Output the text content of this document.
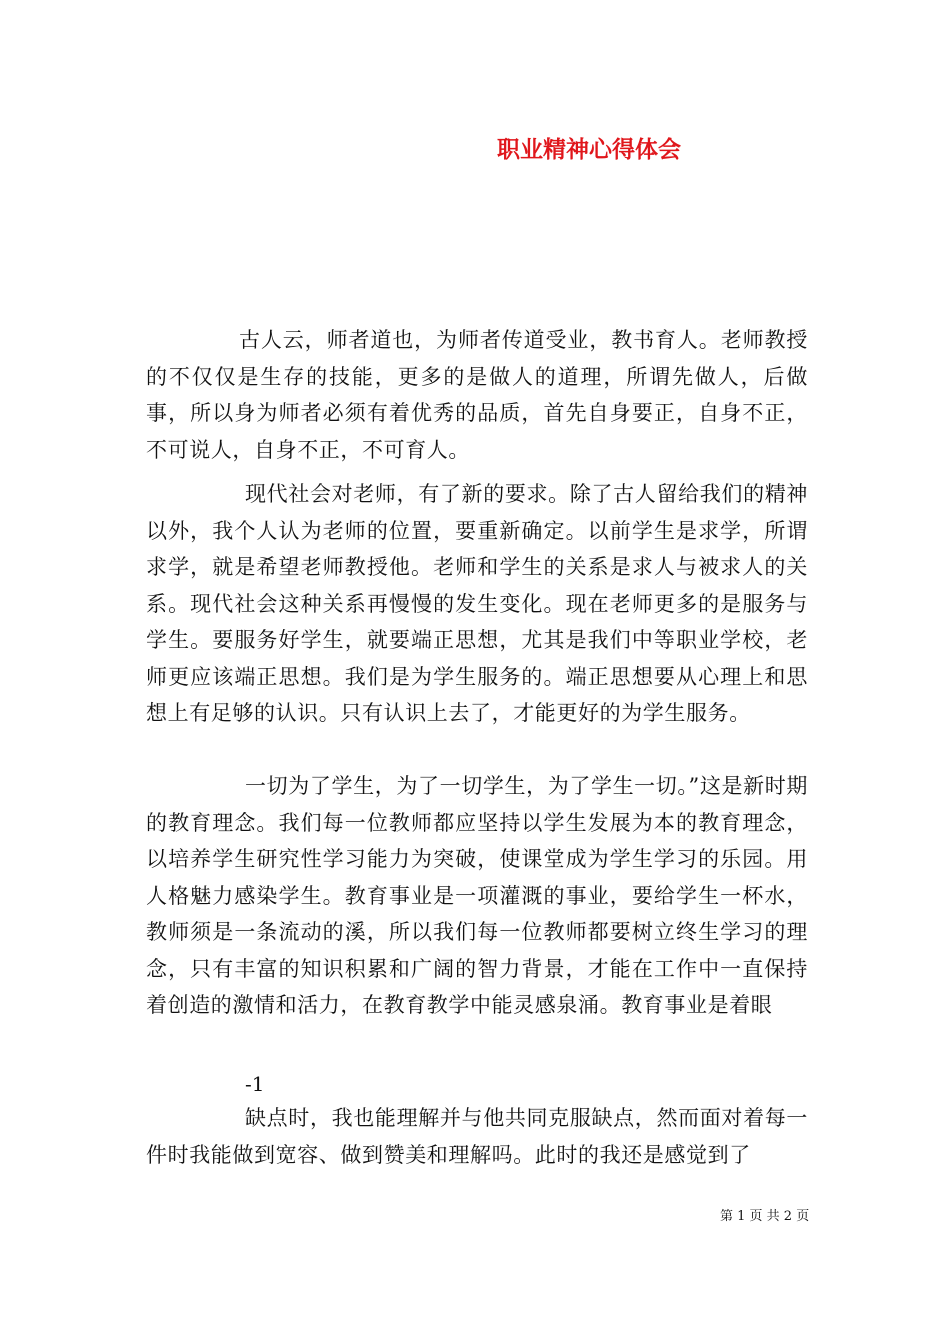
职业精神心得体会

古人云，师者道也，为师者传道受业，教书育人。老师教授的不仅仅是生存的技能，更多的是做人的道理，所谓先做人，后做事，所以身为师者必须有着优秀的品质，首先自身要正，自身不正，不可说人，自身不正，不可育人。

现代社会对老师，有了新的要求。除了古人留给我们的精神以外，我个人认为老师的位置，要重新确定。以前学生是求学，所谓求学，就是希望老师教授他。老师和学生的关系是求人与被求人的关系。现代社会这种关系再慢慢的发生变化。现在老师更多的是服务与学生。要服务好学生，就要端正思想，尤其是我们中等职业学校，老师更应该端正思想。我们是为学生服务的。端正思想要从心理上和思想上有足够的认识。只有认识上去了，才能更好的为学生服务。

一切为了学生，为了一切学生，为了学生一切。”这是新时期的教育理念。我们每一位教师都应坚持以学生发展为本的教育理念，以培养学生研究性学习能力为突破，使课堂成为学生学习的乐园。用人格魅力感染学生。教育事业是一项灌溉的事业，要给学生一杯水，教师须是一条流动的溪，所以我们每一位教师都要树立终生学习的理念，只有丰富的知识积累和广阔的智力背景，才能在工作中一直保持着创造的激情和活力，在教育教学中能灵感泉涌。教育事业是着眼

-1

缺点时，我也能理解并与他共同克服缺点，然而面对着每一件时我能做到宽容、做到赞美和理解吗。此时的我还是感觉到了

第 1 页 共 2 页
